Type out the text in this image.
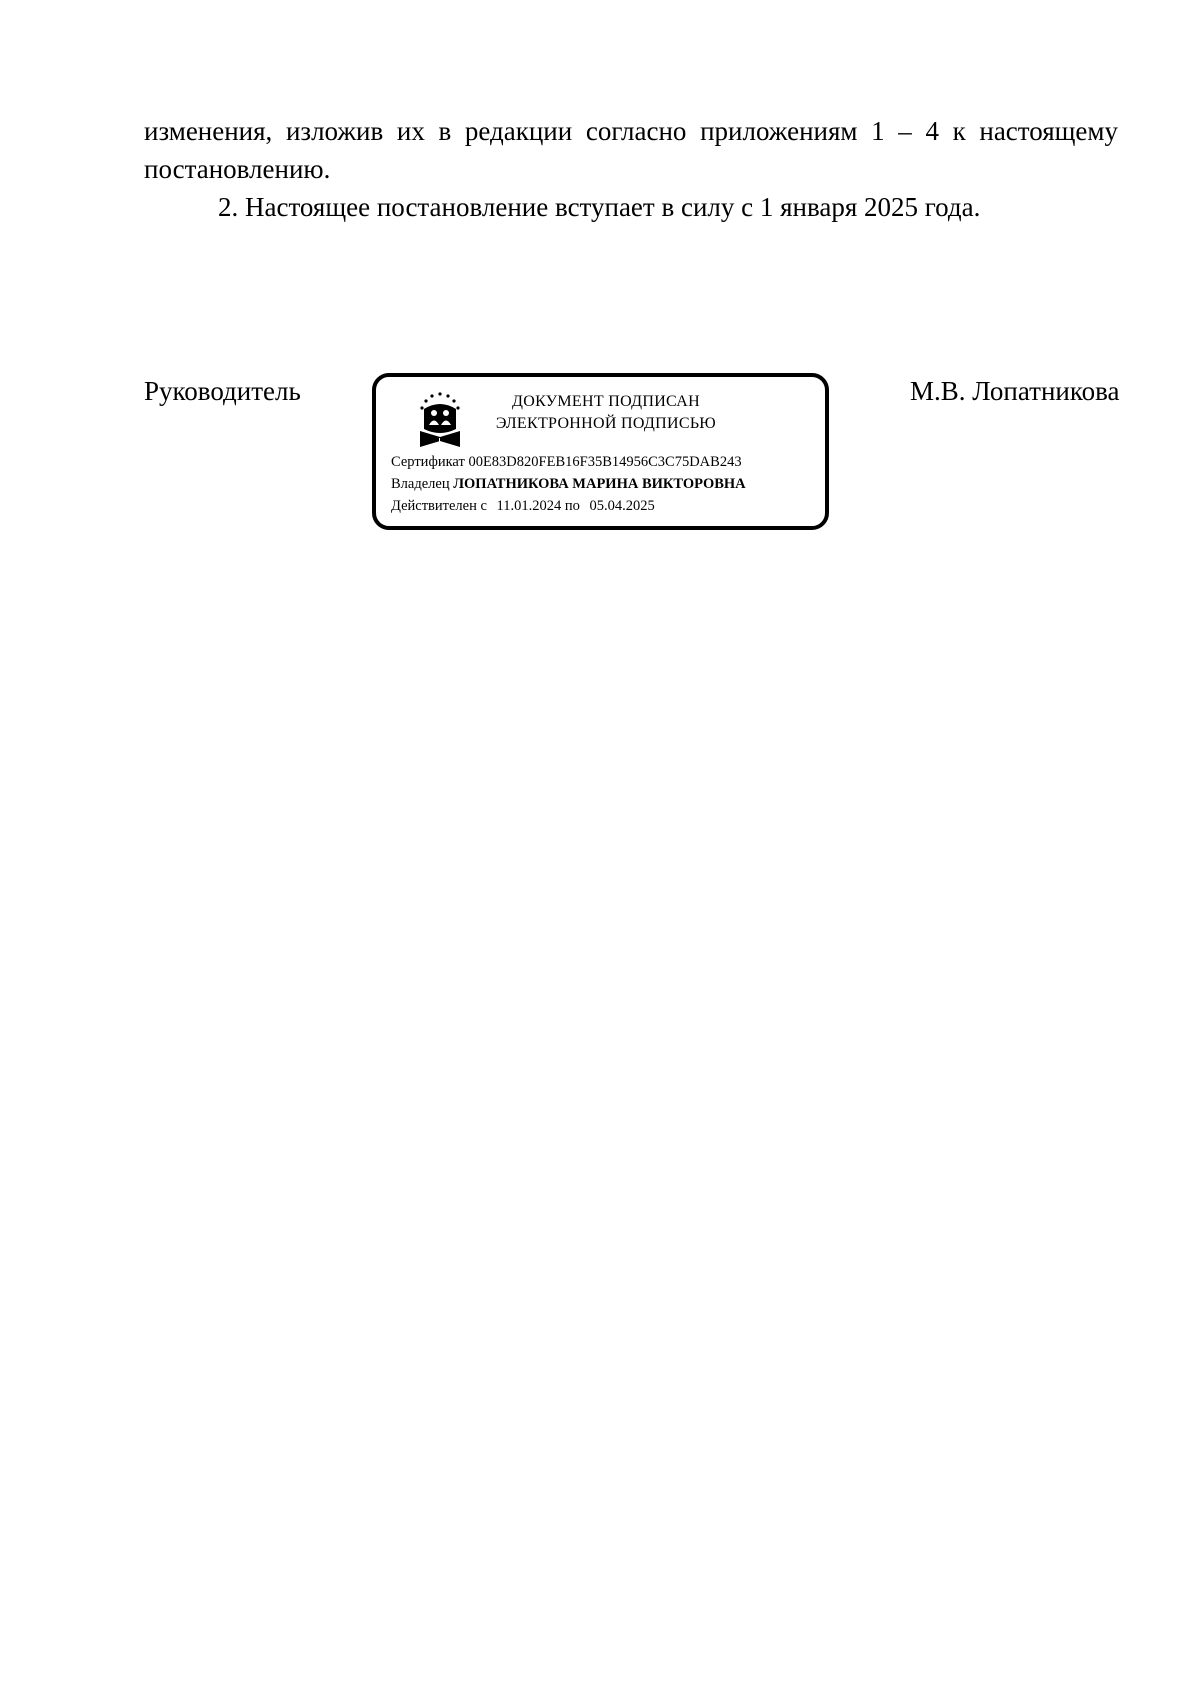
изменения, изложив их в редакции согласно приложениям 1 – 4 к настоящему постановлению.

2. Настоящее постановление вступает в силу с 1 января 2025 года.

Руководитель	ДОКУМЕНТ ПОДПИСАН
ЭЛЕКТРОННОЙ ПОДПИСЬЮ
Сертификат 00E83D820FEB16F35B14956C3C75DAB243
Владелец ЛОПАТНИКОВА МАРИНА ВИКТОРОВНА
Действителен с 11.01.2024 по 05.04.2025
М.В. Лопатникова
